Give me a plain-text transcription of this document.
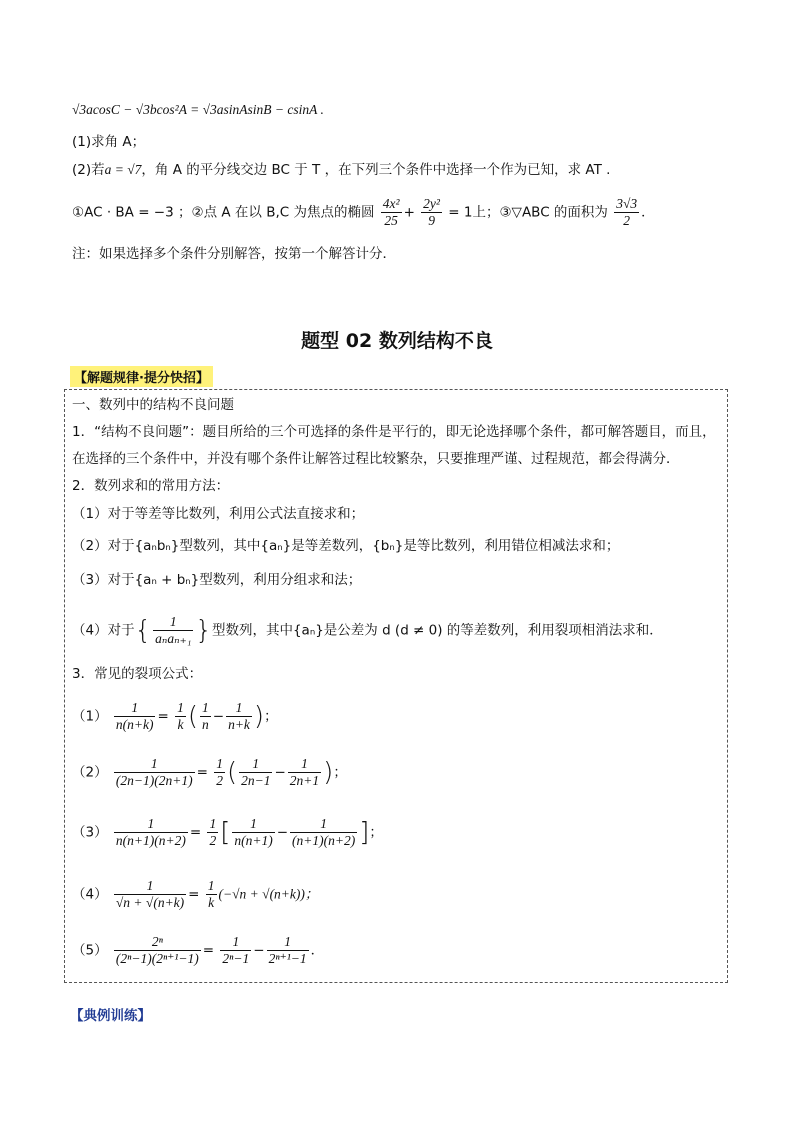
√3acosC − √3bcos²A = √3asinAsinB − csinA .
(1)求角 A；
(2)若a = √7，角 A 的平分线交边 BC 于 T ，在下列三个条件中选择一个作为已知，求 AT .
①AC · BA = −3 ；②点 A 在以 B,C 为焦点的椭圆 $\frac{\text{4x²}}{25} + \frac{\text{2y²}}{9} = 1$上；③▽ABC 的面积为 $\frac{3√3}{2}$ ．
注：如果选择多个条件分别解答，按第一个解答计分．
题型 02 数列结构不良
【解题规律·提分快招】
一、数列中的结构不良问题
1．“结构不良问题”：题目所给的三个可选择的条件是平行的，即无论选择哪个条件，都可解答题目，而且，
在选择的三个条件中，并没有哪个条件让解答过程比较繁杂，只要推理严谨、过程规范，都会得满分．
2．数列求和的常用方法：
（1）对于等差等比数列，利用公式法直接求和；
（2）对于{aₙbₙ}型数列，其中{aₙ}是等差数列，{bₙ}是等比数列，利用错位相减法求和；
（3）对于{aₙ + bₙ}型数列，利用分组求和法；
（4）对于{ $\frac{1}{\text{aₙaₙ₊₁}}$ }型数列，其中{aₙ}是公差为 d (d ≠ 0) 的等差数列，利用裂项相消法求和．
3．常见的裂项公式：
$(1) \frac{1}{n(n+k)} = \frac{1}{k}$ ( $\frac{1}{n} - \frac{1}{n+k}$ )；
$(2) \frac{1}{(2n-1)(2n+1)} = \frac{1}{2}$ ( $\frac{1}{2n-1} - \frac{1}{2n+1}$ )；
$(3) \frac{1}{n(n+1)(n+2)} = \frac{1}{2}$ [ $\frac{1}{n(n+1)} - \frac{1}{(n+1)(n+2)}$ ]；
$(4) \frac{1}{√n + √(n+k)} = \frac{1}{k} (-√n + √(n+k))$；
$(5) \frac{\text{2ⁿ}}{\text{(2ⁿ−1)(2ⁿ⁺¹−1)}} = \frac{1}{\text{2ⁿ−1}} - \frac{1}{\text{2ⁿ⁺¹−1}}$ ．
【典例训练】
